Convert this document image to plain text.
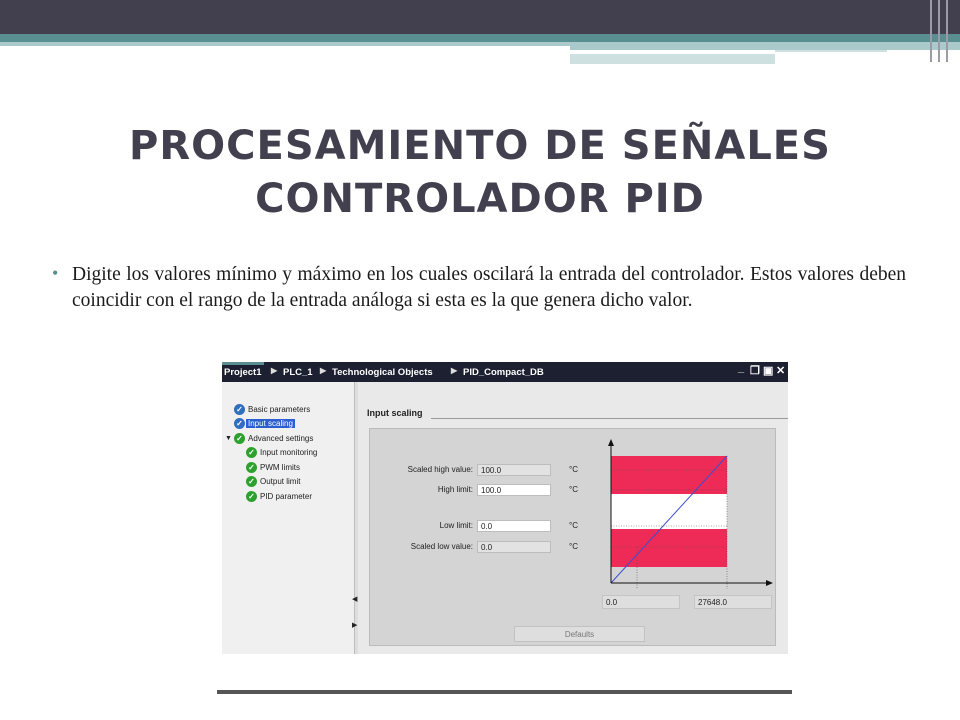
PROCESAMIENTO DE SEÑALES
CONTROLADOR PID
• Digite los valores mínimo y máximo en los cuales oscilará la entrada del controlador. Estos valores deben coincidir con el rango de la entrada análoga si esta es la que genera dicho valor.
Project1 ▶ PLC_1 ▶ Technological Objects ▶ PID_Compact_DB	_ ❐ ▣ ✕
✓ Basic parameters
✓ Input scaling
▼ ✓ Advanced settings
✓ Input monitoring
✓ PWM limits
✓ Output limit
✓ PID parameter
◀
▶
Input scaling
Scaled high value:	100.0	°C
High limit:	100.0	°C
Low limit:	0.0	°C
Scaled low value:	0.0	°C
0.0	27648.0
Defaults
